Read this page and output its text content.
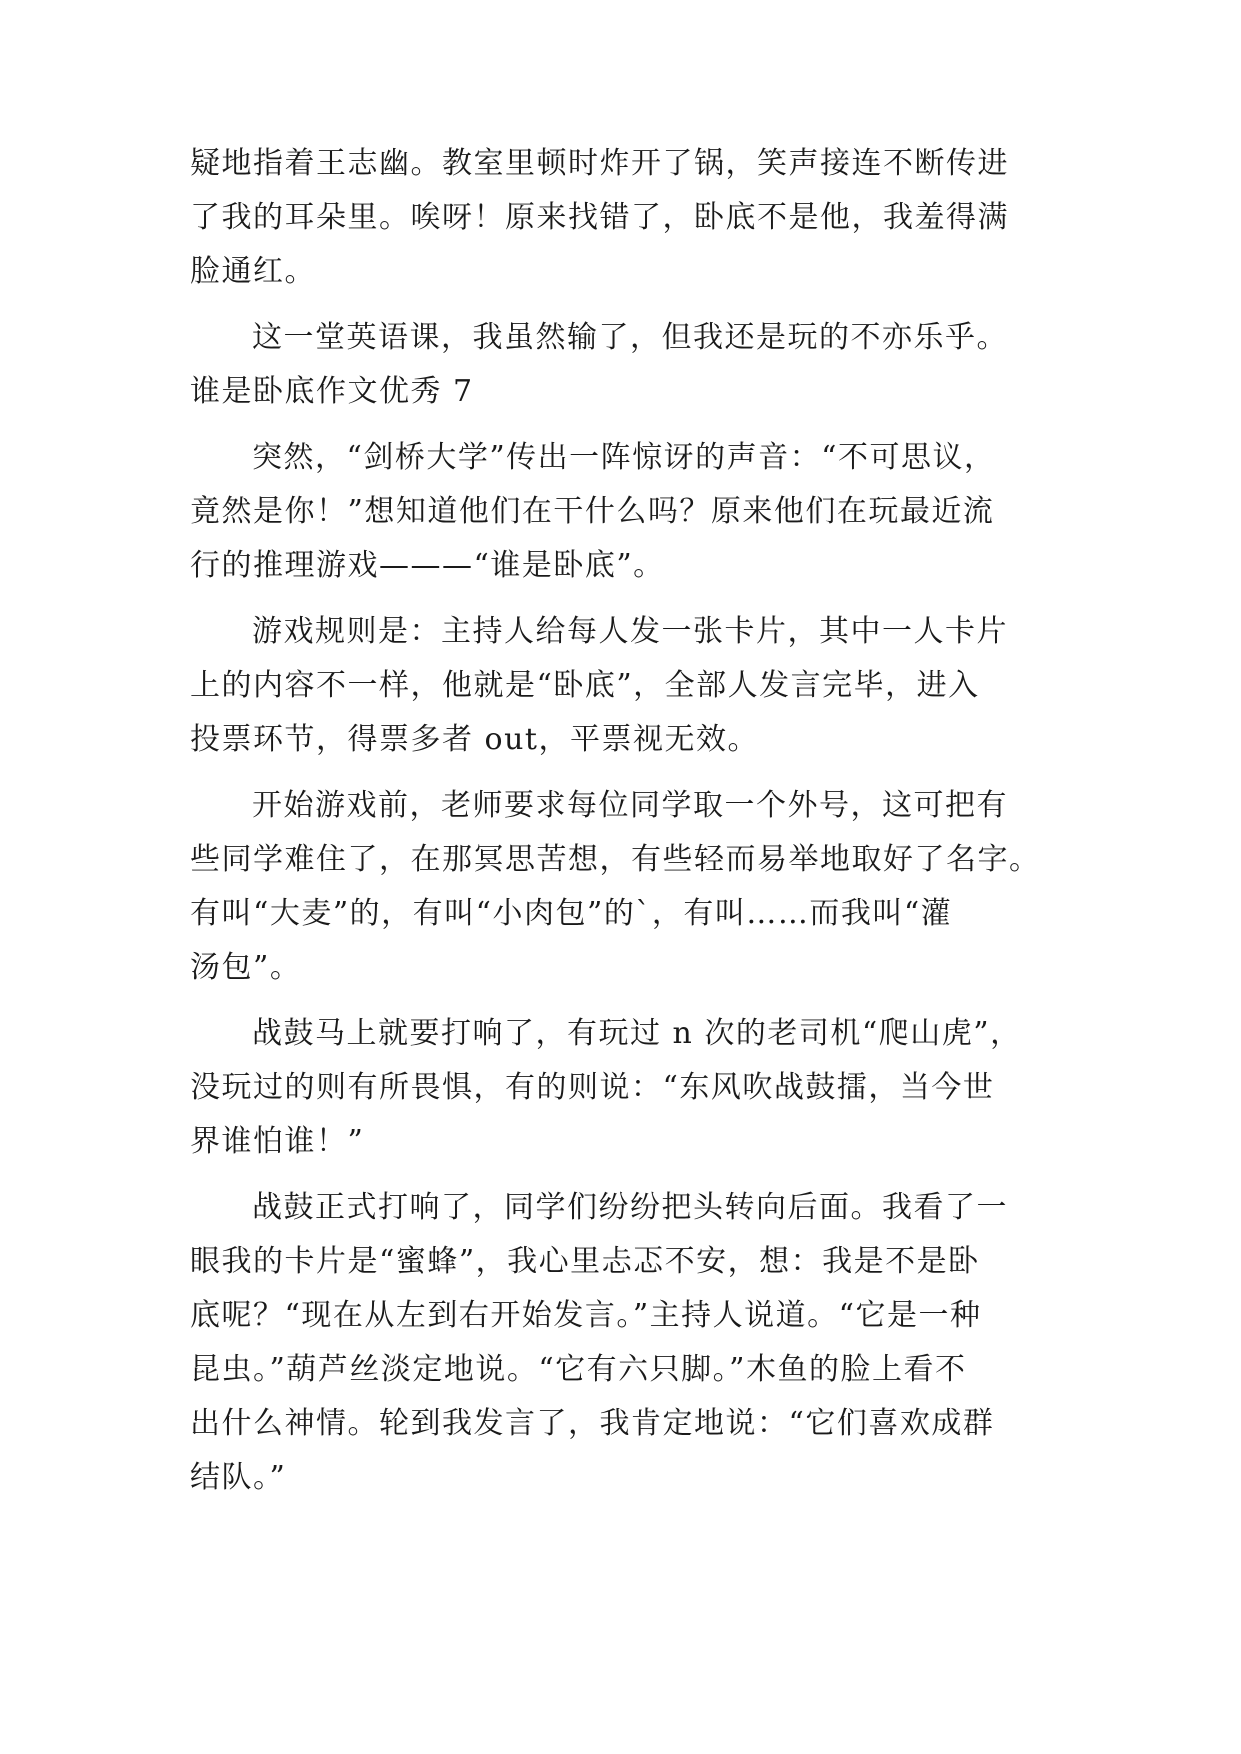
疑地指着王志幽。教室里顿时炸开了锅，笑声接连不断传进
了我的耳朵里。唉呀！原来找错了，卧底不是他，我羞得满
脸通红。
这一堂英语课，我虽然输了，但我还是玩的不亦乐乎。
谁是卧底作文优秀 7
突然，“剑桥大学”传出一阵惊讶的声音：“不可思议，
竟然是你！”想知道他们在干什么吗？原来他们在玩最近流
行的推理游戏———“谁是卧底”。
游戏规则是：主持人给每人发一张卡片，其中一人卡片
上的内容不一样，他就是“卧底”，全部人发言完毕，进入
投票环节，得票多者 out，平票视无效。
开始游戏前，老师要求每位同学取一个外号，这可把有
些同学难住了，在那冥思苦想，有些轻而易举地取好了名字。
有叫“大麦”的，有叫“小肉包”的`，有叫……而我叫“灌
汤包”。
战鼓马上就要打响了，有玩过 n 次的老司机“爬山虎”，
没玩过的则有所畏惧，有的则说：“东风吹战鼓擂，当今世
界谁怕谁！”
战鼓正式打响了，同学们纷纷把头转向后面。我看了一
眼我的卡片是“蜜蜂”，我心里忐忑不安，想：我是不是卧
底呢？“现在从左到右开始发言。”主持人说道。“它是一种
昆虫。”葫芦丝淡定地说。“它有六只脚。”木鱼的脸上看不
出什么神情。轮到我发言了，我肯定地说：“它们喜欢成群
结队。”
